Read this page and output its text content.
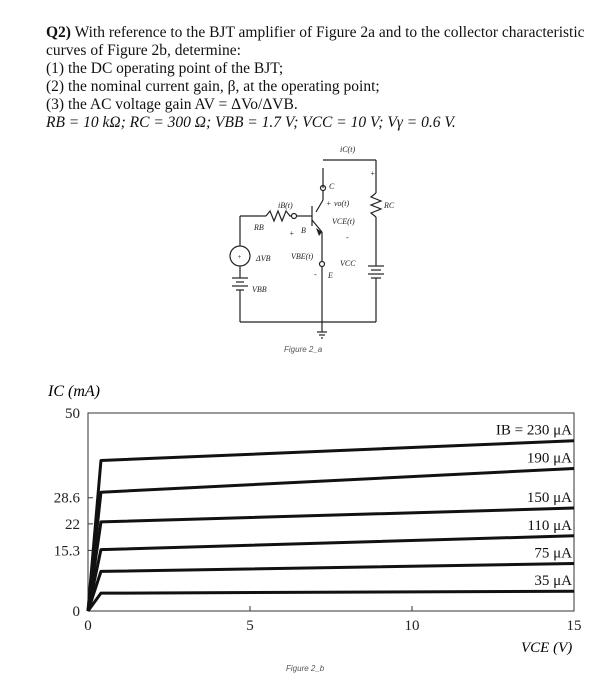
Q2) With reference to the BJT amplifier of Figure 2a and to the collector characteristic curves of Figure 2b, determine:

(1) the DC operating point of the BJT;

(2) the nominal current gain, β, at the operating point;

(3) the AC voltage gain AV = ΔVo/ΔVB.

RB = 10 kΩ; RC = 300 Ω; VBB = 1.7 V; VCC = 10 V; Vγ = 0.6 V.

iC(t)
C
iB(t)	RC
vo(t)
VCE(t)
RB	B
ΔVB	VBE(t)
VCC
E
VBB
+
+
+	-
-
+
Figure 2_a
IC (mA)
0	5	10	15
0
15.3
22
28.6
50
IB = 230 μA
190 μA
150 μA
110 μA
75 μA
35 μA
VCE (V)
Figure 2_b
